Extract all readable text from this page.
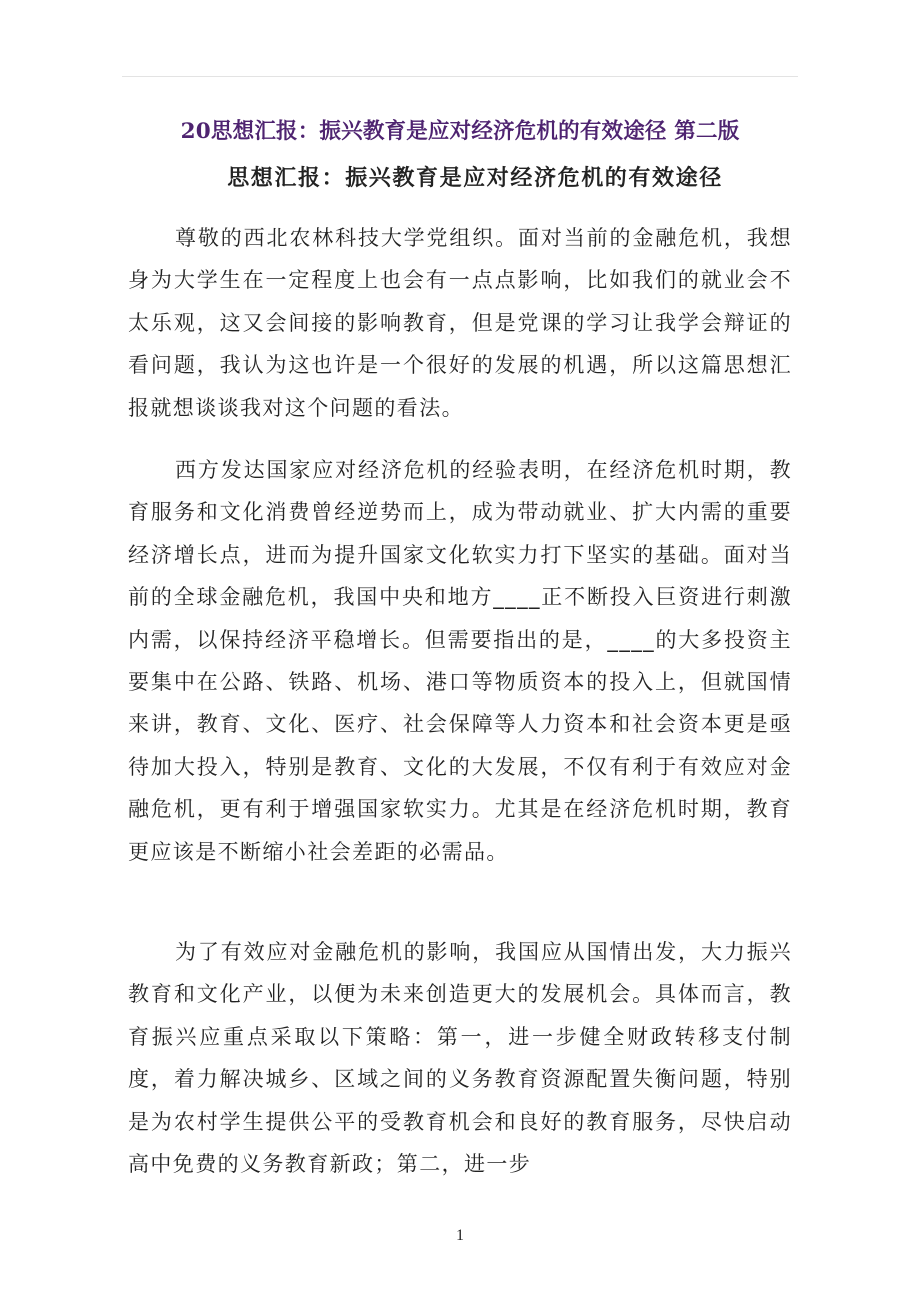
20思想汇报：振兴教育是应对经济危机的有效途径 第二版
思想汇报：振兴教育是应对经济危机的有效途径

尊敬的西北农林科技大学党组织。面对当前的金融危机，我想身为大学生在一定程度上也会有一点点影响，比如我们的就业会不太乐观，这又会间接的影响教育，但是党课的学习让我学会辩证的看问题，我认为这也许是一个很好的发展的机遇，所以这篇思想汇报就想谈谈我对这个问题的看法。

西方发达国家应对经济危机的经验表明，在经济危机时期，教育服务和文化消费曾经逆势而上，成为带动就业、扩大内需的重要经济增长点，进而为提升国家文化软实力打下坚实的基础。面对当前的全球金融危机，我国中央和地方____正不断投入巨资进行刺激内需，以保持经济平稳增长。但需要指出的是，____的大多投资主要集中在公路、铁路、机场、港口等物质资本的投入上，但就国情来讲，教育、文化、医疗、社会保障等人力资本和社会资本更是亟待加大投入，特别是教育、文化的大发展，不仅有利于有效应对金融危机，更有利于增强国家软实力。尤其是在经济危机时期，教育更应该是不断缩小社会差距的必需品。

为了有效应对金融危机的影响，我国应从国情出发，大力振兴教育和文化产业，以便为未来创造更大的发展机会。具体而言，教育振兴应重点采取以下策略：第一，进一步健全财政转移支付制度，着力解决城乡、区域之间的义务教育资源配置失衡问题，特别是为农村学生提供公平的受教育机会和良好的教育服务，尽快启动高中免费的义务教育新政；第二，进一步

1
